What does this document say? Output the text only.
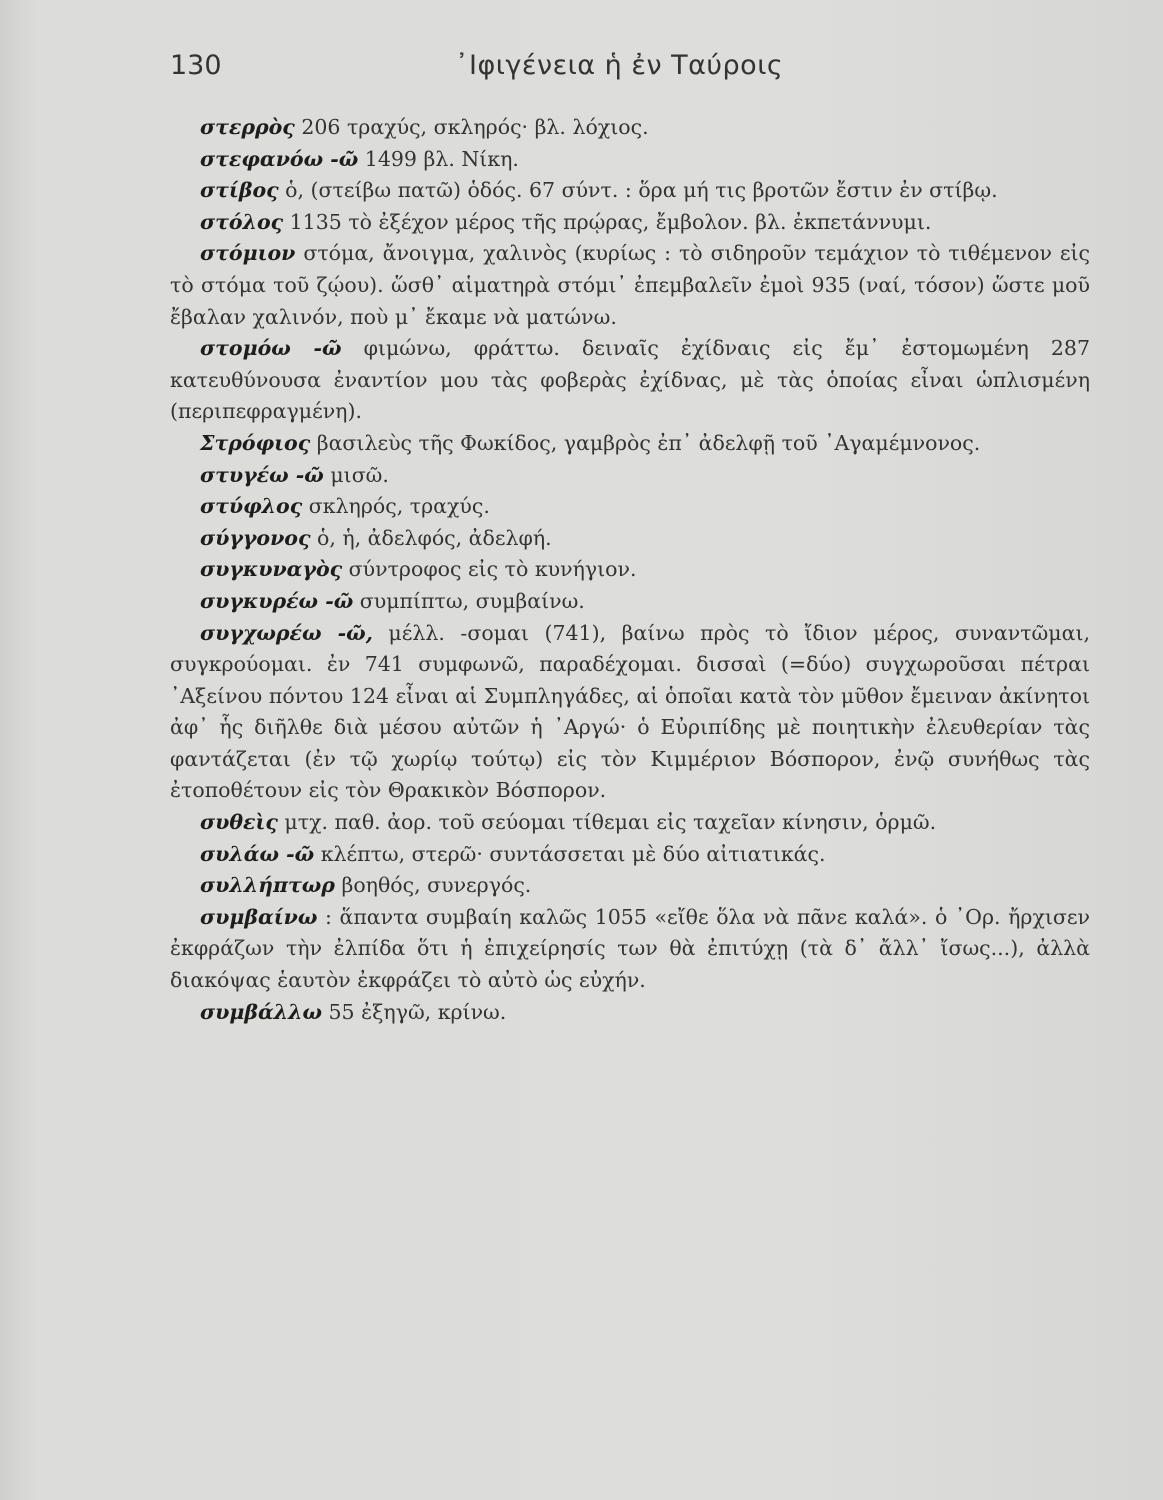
130	᾿Ιφιγένεια ἡ ἐν Ταύροις

στερρὸς 206 τραχύς, σκληρός· βλ. λόχιος.

στεφανόω -ῶ 1499 βλ. Νίκη.

στίβος ὁ, (στείβω πατῶ) ὁδός. 67 σύντ. : ὅρα μή τις βροτῶν ἔστιν ἐν στίβῳ.

στόλος 1135 τὸ ἐξέχον μέρος τῆς πρῴρας, ἔμβολον. βλ. ἐκπετάννυμι.

στόμιον στόμα, ἄνοιγμα, χαλινὸς (κυρίως : τὸ σιδηροῦν τεμάχιον τὸ τιθέμενον εἰς τὸ στόμα τοῦ ζῴου). ὥσθ᾿ αἱματηρὰ στόμι᾿ ἐπεμβαλεῖν ἐμοὶ 935 (ναί, τόσον) ὥστε μοῦ ἔβαλαν χαλινόν, ποὺ μ᾿ ἔκαμε νὰ ματώνω.

στομόω -ῶ φιμώνω, φράττω. δειναῖς ἐχίδναις εἰς ἔμ᾿ ἐστομωμένη 287 κατευθύνουσα ἐναντίον μου τὰς φοβερὰς ἐχίδνας, μὲ τὰς ὁποίας εἶναι ὡπλισμένη (περιπεφραγμένη).

Στρόφιος βασιλεὺς τῆς Φωκίδος, γαμβρὸς ἐπ᾿ ἀδελφῇ τοῦ ᾿Αγαμέμνονος.

στυγέω -ῶ μισῶ.

στύφλος σκληρός, τραχύς.

σύγγονος ὁ, ἡ, ἀδελφός, ἀδελφή.

συγκυναγὸς σύντροφος εἰς τὸ κυνήγιον.

συγκυρέω -ῶ συμπίπτω, συμβαίνω.

συγχωρέω -ῶ, μέλλ. -σομαι (741), βαίνω πρὸς τὸ ἴδιον μέρος, συναντῶμαι, συγκρούομαι. ἐν 741 συμφωνῶ, παραδέχομαι. δισσαὶ (=δύο) συγχωροῦσαι πέτραι ᾿Αξείνου πόντου 124 εἶναι αἱ Συμπληγάδες, αἱ ὁποῖαι κατὰ τὸν μῦθον ἔμειναν ἀκίνητοι ἀφ᾿ ἧς διῆλθε διὰ μέσου αὐτῶν ἡ ᾿Αργώ· ὁ Εὐριπίδης μὲ ποιητικὴν ἐλευθερίαν τὰς φαντάζεται (ἐν τῷ χωρίῳ τούτῳ) εἰς τὸν Κιμμέριον Βόσπορον, ἐνῷ συνήθως τὰς ἐτοποθέτουν εἰς τὸν Θρακικὸν Βόσπορον.

συθεὶς μτχ. παθ. ἀορ. τοῦ σεύομαι τίθεμαι εἰς ταχεῖαν κίνησιν, ὁρμῶ.

συλάω -ῶ κλέπτω, στερῶ· συντάσσεται μὲ δύο αἰτιατικάς.

συλλήπτωρ βοηθός, συνεργός.

συμβαίνω : ἅπαντα συμβαίη καλῶς 1055 «εἴθε ὅλα νὰ πᾶνε καλά». ὁ ᾿Ορ. ἤρχισεν ἐκφράζων τὴν ἐλπίδα ὅτι ἡ ἐπιχείρησίς των θὰ ἐπιτύχῃ (τὰ δ᾿ ἄλλ᾿ ἴσως...), ἀλλὰ διακόψας ἑαυτὸν ἐκφράζει τὸ αὐτὸ ὡς εὐχήν.

συμβάλλω 55 ἐξηγῶ, κρίνω.
